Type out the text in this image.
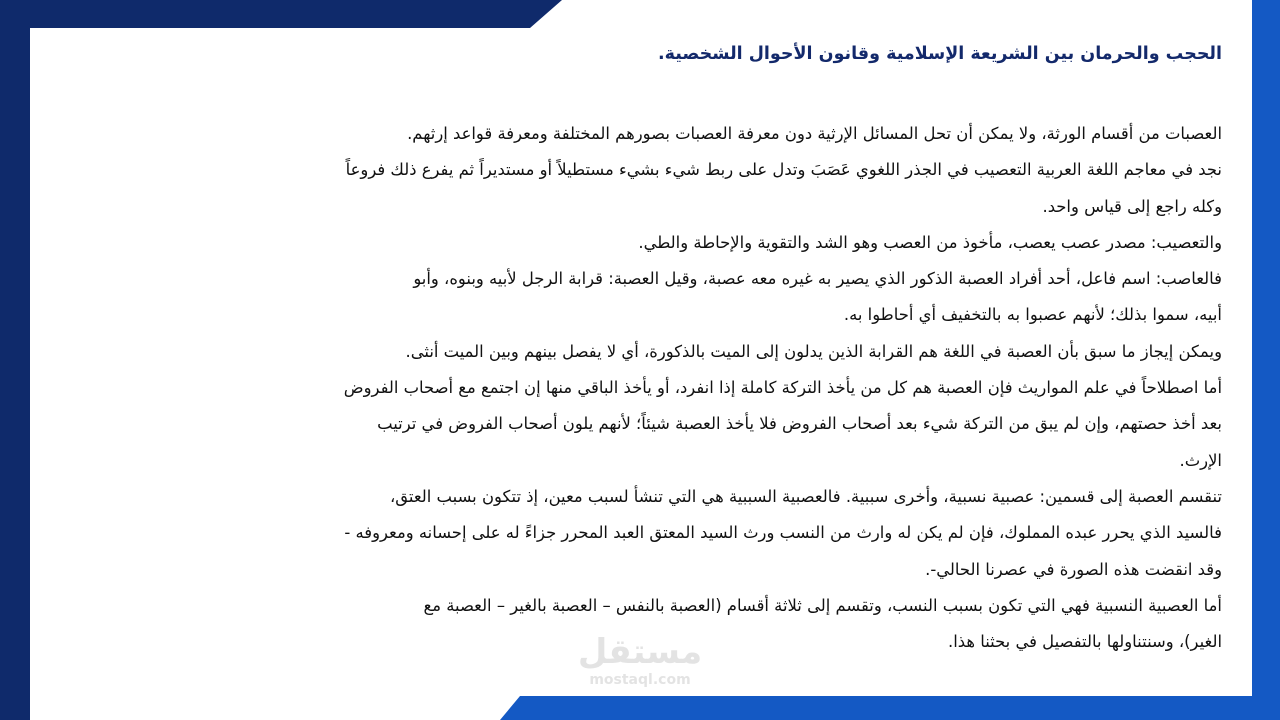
الحجب والحرمان بين الشريعة الإسلامية وقانون الأحوال الشخصية.
العصبات من أقسام الورثة، ولا يمكن أن تحل المسائل الإرثية دون معرفة العصبات بصورهم المختلفة ومعرفة قواعد إرثهم.
نجد في معاجم اللغة العربية التعصيب في الجذر اللغوي عَصَبَ وتدل على ربط شيء بشيء مستطيلاً أو مستديراً ثم يفرع ذلك فروعاً
وكله راجع إلى قياس واحد.
والتعصيب: مصدر عصب يعصب، مأخوذ من العصب وهو الشد والتقوية والإحاطة والطي.
فالعاصب: اسم فاعل، أحد أفراد العصبة الذكور الذي يصير به غيره معه عصبة، وقيل العصبة: قرابة الرجل لأبيه وبنوه، وأبو
أبيه، سموا بذلك؛ لأنهم عصبوا به بالتخفيف أي أحاطوا به.
ويمكن إيجاز ما سبق بأن العصبة في اللغة هم القرابة الذين يدلون إلى الميت بالذكورة، أي لا يفصل بينهم وبين الميت أنثى.
أما اصطلاحاً في علم المواريث فإن العصبة هم كل من يأخذ التركة كاملة إذا انفرد، أو يأخذ الباقي منها إن اجتمع مع أصحاب الفروض
بعد أخذ حصتهم، وإن لم يبق من التركة شيء بعد أصحاب الفروض فلا يأخذ العصبة شيئاً؛ لأنهم يلون أصحاب الفروض في ترتيب
الإرث.
تنقسم العصبة إلى قسمين: عصبية نسبية، وأخرى سببية. فالعصبية السببية هي التي تنشأ لسبب معين، إذ تتكون بسبب العتق،
فالسيد الذي يحرر عبده المملوك، فإن لم يكن له وارث من النسب ورث السيد المعتق العبد المحرر جزاءً له على إحسانه ومعروفه -
وقد انقضت هذه الصورة في عصرنا الحالي-.
أما العصبية النسبية فهي التي تكون بسبب النسب، وتقسم إلى ثلاثة أقسام (العصبة بالنفس – العصبة بالغير – العصبة مع
الغير)، وسنتناولها بالتفصيل في بحثنا هذا.
مستقل
mostaql.com
